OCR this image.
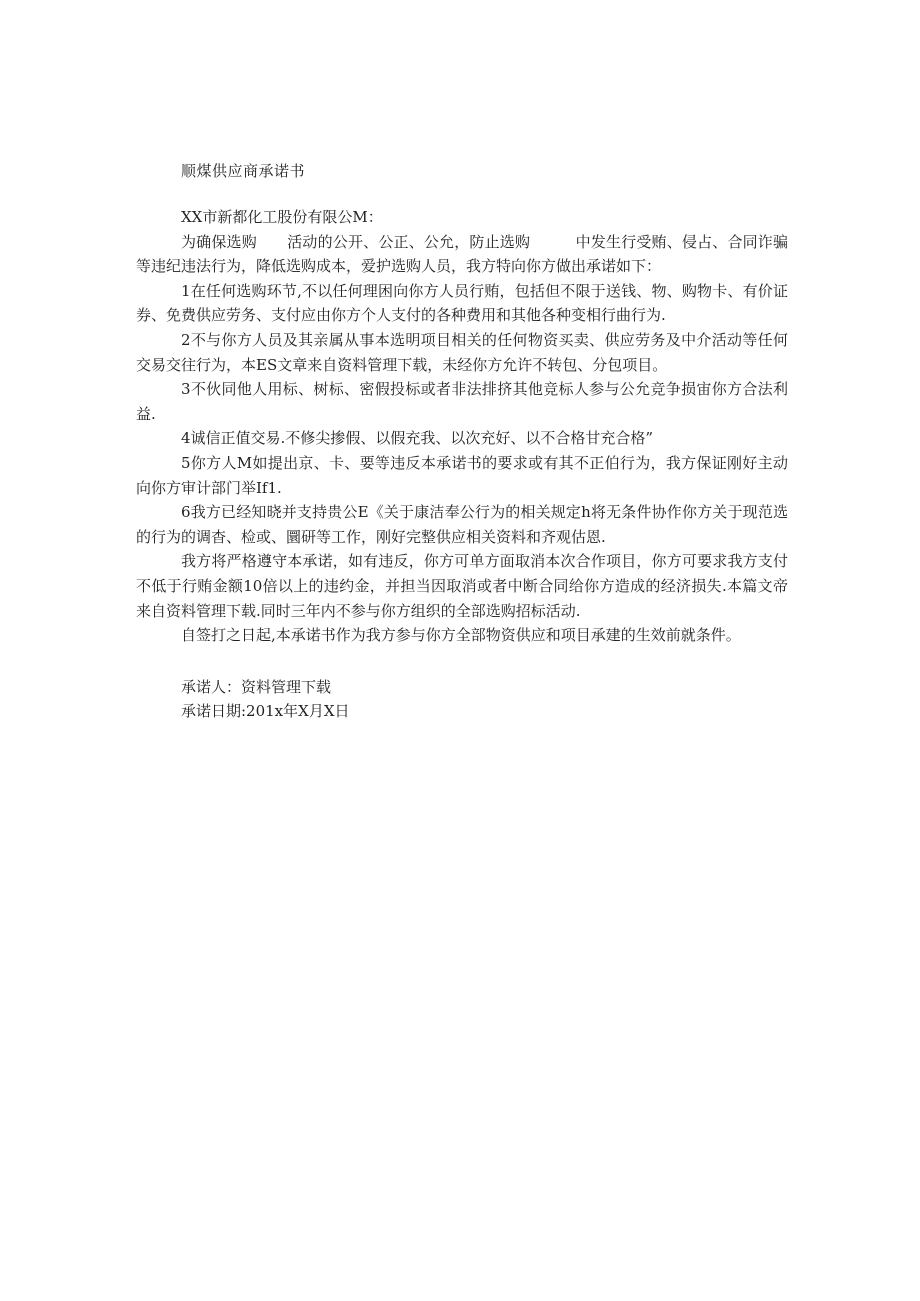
顺煤供应商承诺书

XX市新都化工股份有限公M：

为确保选购　　活动的公开、公正、公允，防止选购　　　中发生行受贿、侵占、合同诈骗等违纪违法行为，降低选购成本，爱护选购人员，我方特向你方做出承诺如下：

1在任何选购环节,不以任何理困向你方人员行贿，包括但不限于送钱、物、购物卡、有价证券、免费供应劳务、支付应由你方个人支付的各种费用和其他各种变相行曲行为.

2不与你方人员及其亲属从事本选明项目相关的任何物资买卖、供应劳务及中介活动等任何交易交往行为，本ES文章来自资料管理下载，未经你方允许不转包、分包项目。

3不伙同他人用标、树标、密假投标或者非法排挤其他竞标人参与公允竞争损宙你方合法利益.

4诚信正值交易.不修尖掺假、以假充我、以次充好、以不合格甘充合格”

5你方人M如提出京、卡、要等违反本承诺书的要求或有其不正伯行为，我方保证刚好主动向你方审计部门举If1.

6我方已经知晓并支持贵公E《关于康洁奉公行为的相关规定h将无条件协作你方关于现范选的行为的调杳、检或、圜研等工作，刚好完整供应相关资料和齐观估恩.

我方将严格遵守本承诺，如有违反，你方可单方面取消本次合作项目，你方可要求我方支付不低于行贿金额10倍以上的违约金，并担当因取消或者中断合同给你方造成的经济损失.本篇文帝来自资料管理下载.同时三年内不参与你方组织的全部选购招标活动.

自签打之日起,本承诺书作为我方参与你方全部物资供应和项目承建的生效前就条件。

承诺人：资料管理下载
承诺日期:201x年X月X日
